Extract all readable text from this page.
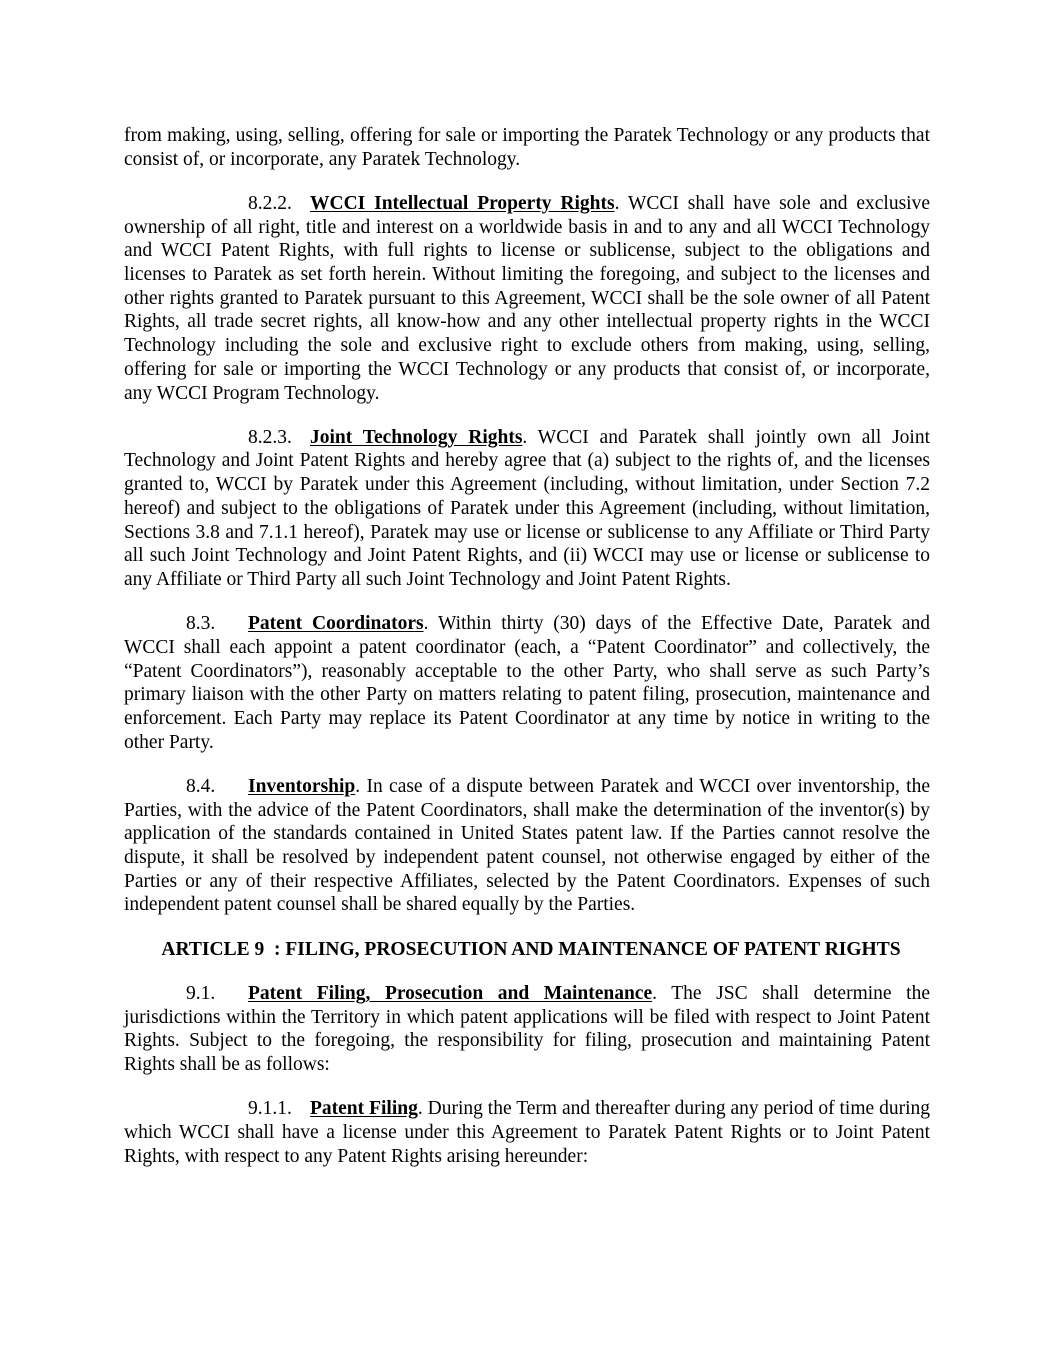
from making, using, selling, offering for sale or importing the Paratek Technology or any products that consist of, or incorporate, any Paratek Technology.

8.2.2. WCCI Intellectual Property Rights. WCCI shall have sole and exclusive ownership of all right, title and interest on a worldwide basis in and to any and all WCCI Technology and WCCI Patent Rights, with full rights to license or sublicense, subject to the obligations and licenses to Paratek as set forth herein. Without limiting the foregoing, and subject to the licenses and other rights granted to Paratek pursuant to this Agreement, WCCI shall be the sole owner of all Patent Rights, all trade secret rights, all know-how and any other intellectual property rights in the WCCI Technology including the sole and exclusive right to exclude others from making, using, selling, offering for sale or importing the WCCI Technology or any products that consist of, or incorporate, any WCCI Program Technology.

8.2.3. Joint Technology Rights. WCCI and Paratek shall jointly own all Joint Technology and Joint Patent Rights and hereby agree that (a) subject to the rights of, and the licenses granted to, WCCI by Paratek under this Agreement (including, without limitation, under Section 7.2 hereof) and subject to the obligations of Paratek under this Agreement (including, without limitation, Sections 3.8 and 7.1.1 hereof), Paratek may use or license or sublicense to any Affiliate or Third Party all such Joint Technology and Joint Patent Rights, and (ii) WCCI may use or license or sublicense to any Affiliate or Third Party all such Joint Technology and Joint Patent Rights.

8.3. Patent Coordinators. Within thirty (30) days of the Effective Date, Paratek and WCCI shall each appoint a patent coordinator (each, a “Patent Coordinator” and collectively, the “Patent Coordinators”), reasonably acceptable to the other Party, who shall serve as such Party’s primary liaison with the other Party on matters relating to patent filing, prosecution, maintenance and enforcement. Each Party may replace its Patent Coordinator at any time by notice in writing to the other Party.

8.4. Inventorship. In case of a dispute between Paratek and WCCI over inventorship, the Parties, with the advice of the Patent Coordinators, shall make the determination of the inventor(s) by application of the standards contained in United States patent law. If the Parties cannot resolve the dispute, it shall be resolved by independent patent counsel, not otherwise engaged by either of the Parties or any of their respective Affiliates, selected by the Patent Coordinators. Expenses of such independent patent counsel shall be shared equally by the Parties.

ARTICLE 9  : FILING, PROSECUTION AND MAINTENANCE OF PATENT RIGHTS

9.1. Patent Filing, Prosecution and Maintenance. The JSC shall determine the jurisdictions within the Territory in which patent applications will be filed with respect to Joint Patent Rights. Subject to the foregoing, the responsibility for filing, prosecution and maintaining Patent Rights shall be as follows:

9.1.1. Patent Filing. During the Term and thereafter during any period of time during which WCCI shall have a license under this Agreement to Paratek Patent Rights or to Joint Patent Rights, with respect to any Patent Rights arising hereunder:
